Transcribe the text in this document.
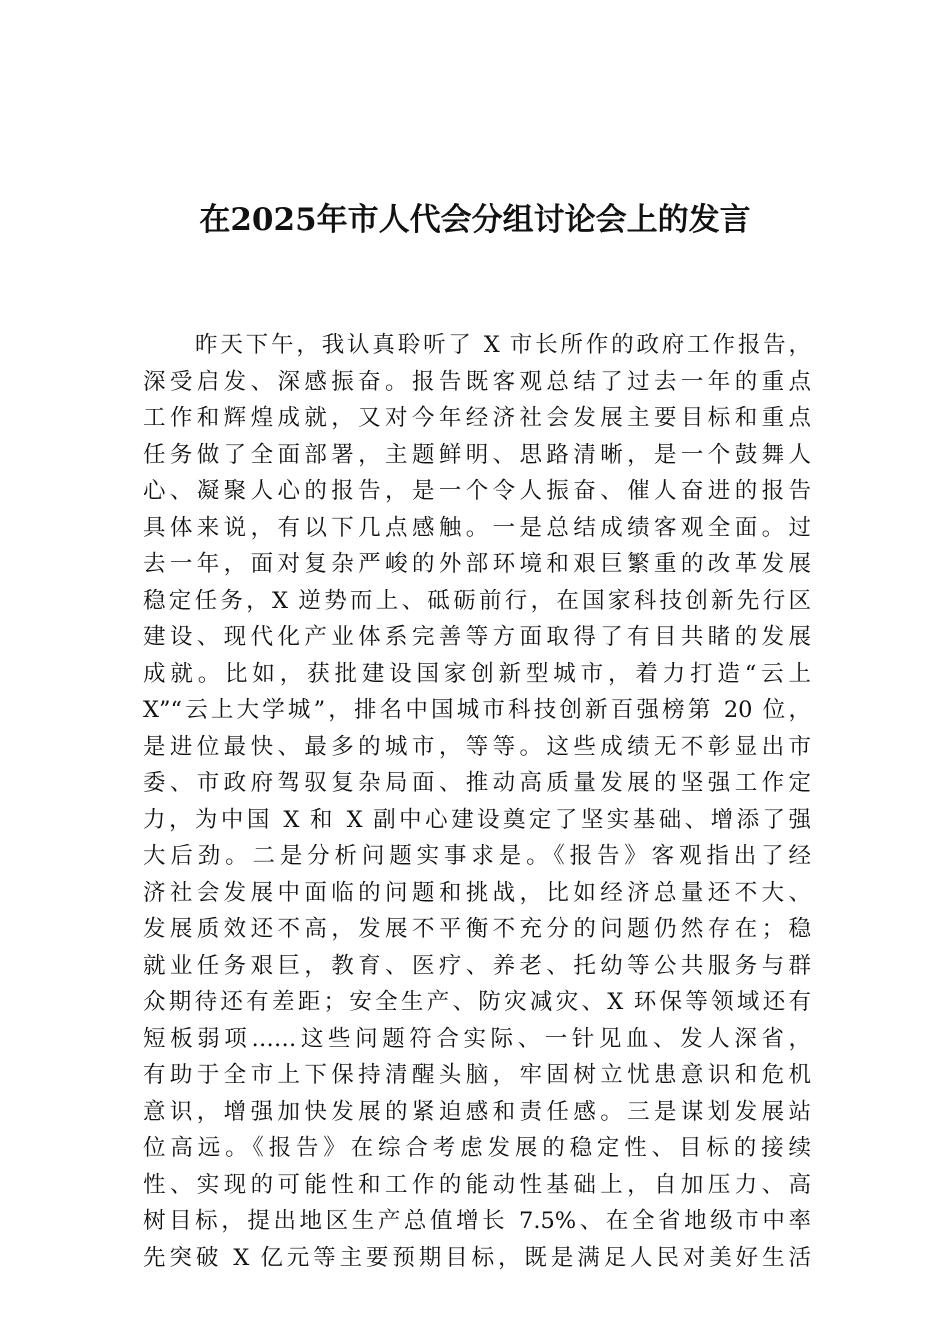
在2025年市人代会分组讨论会上的发言
昨天下午，我认真聆听了 X 市长所作的政府工作报告，
深受启发、深感振奋。报告既客观总结了过去一年的重点
工作和辉煌成就，又对今年经济社会发展主要目标和重点
任务做了全面部署，主题鲜明、思路清晰，是一个鼓舞人
心、凝聚人心的报告，是一个令人振奋、催人奋进的报告
具体来说，有以下几点感触。一是总结成绩客观全面。过
去一年，面对复杂严峻的外部环境和艰巨繁重的改革发展
稳定任务，X 逆势而上、砥砺前行，在国家科技创新先行区
建设、现代化产业体系完善等方面取得了有目共睹的发展
成就。比如，获批建设国家创新型城市，着力打造“云上
X”“云上大学城”，排名中国城市科技创新百强榜第 20 位，
是进位最快、最多的城市，等等。这些成绩无不彰显出市
委、市政府驾驭复杂局面、推动高质量发展的坚强工作定
力，为中国 X 和 X 副中心建设奠定了坚实基础、增添了强
大后劲。二是分析问题实事求是。《报告》客观指出了经
济社会发展中面临的问题和挑战，比如经济总量还不大、
发展质效还不高，发展不平衡不充分的问题仍然存在；稳
就业任务艰巨，教育、医疗、养老、托幼等公共服务与群
众期待还有差距；安全生产、防灾减灾、X 环保等领域还有
短板弱项……这些问题符合实际、一针见血、发人深省，
有助于全市上下保持清醒头脑，牢固树立忧患意识和危机
意识，增强加快发展的紧迫感和责任感。三是谋划发展站
位高远。《报告》在综合考虑发展的稳定性、目标的接续
性、实现的可能性和工作的能动性基础上，自加压力、高
树目标，提出地区生产总值增长 7.5%、在全省地级市中率
先突破 X 亿元等主要预期目标，既是满足人民对美好生活
